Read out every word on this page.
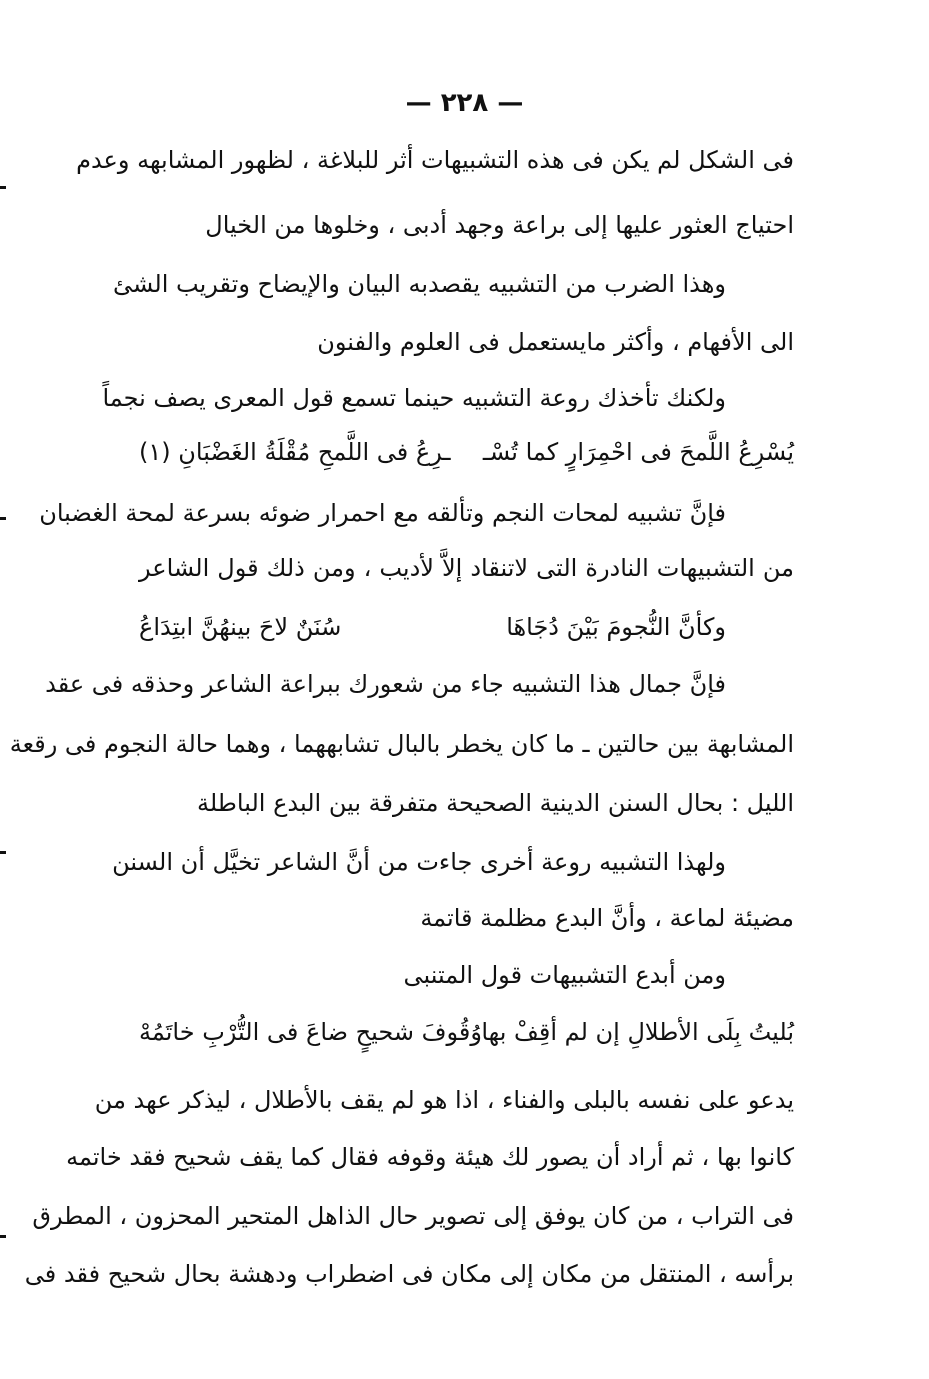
— ٢٢٨ —
فى الشكل لم يكن فى هذه التشبيهات أثر للبلاغة ، لظهور المشابهه وعدم
احتياج العثور عليها إلى براعة وجهد أدبى ، وخلوها من الخيال
وهذا الضرب من التشبيه يقصدبه البيان والإيضاح وتقريب الشئ
الى الأفهام ، وأكثر مايستعمل فى العلوم والفنون
ولكنك تأخذك روعة التشبيه حينما تسمع قول المعرى يصف نجماً
يُسْرِعُ اللَّمحَ فى احْمِرَارٍ كما تُسْـ
ـرِعُ فى اللَّمحِ مُقْلَةُ الغَضْبَانِ (١)
فإنَّ تشبيه لمحات النجم وتألقه مع احمرار ضوئه بسرعة لمحة الغضبان
من التشبيهات النادرة التى لاتنقاد إلاَّ لأديب ، ومن ذلك قول الشاعر
وكأنَّ النُّجومَ بَيْنَ دُجَاهَا
سُنَنٌ لاحَ بينهُنَّ ابتِدَاعُ
فإنَّ جمال هذا التشبيه جاء من شعورك ببراعة الشاعر وحذقه فى عقد
المشابهة بين حالتين ـ ما كان يخطر بالبال تشابههما ، وهما حالة النجوم فى رقعة
الليل : بحال السنن الدينية الصحيحة متفرقة بين البدع الباطلة
ولهذا التشبيه روعة أخرى جاءت من أنَّ الشاعر تخيَّل أن السنن
مضيئة لماعة ، وأنَّ البدع مظلمة قاتمة
ومن أبدع التشبيهات قول المتنبى
بُليتُ بِلَى الأطلالِ إن لم أقِفْ بها
وُقُوفَ شحيحٍ ضاعَ فى التُّرْبِ خاتَمُهْ
يدعو على نفسه بالبلى والفناء ، اذا هو لم يقف بالأطلال ، ليذكر عهد من
كانوا بها ، ثم أراد أن يصور لك هيئة وقوفه فقال كما يقف شحيح فقد خاتمه
فى التراب ، من كان يوفق إلى تصوير حال الذاهل المتحير المحزون ، المطرق
برأسه ، المنتقل من مكان إلى مكان فى اضطراب ودهشة بحال شحيح فقد فى
